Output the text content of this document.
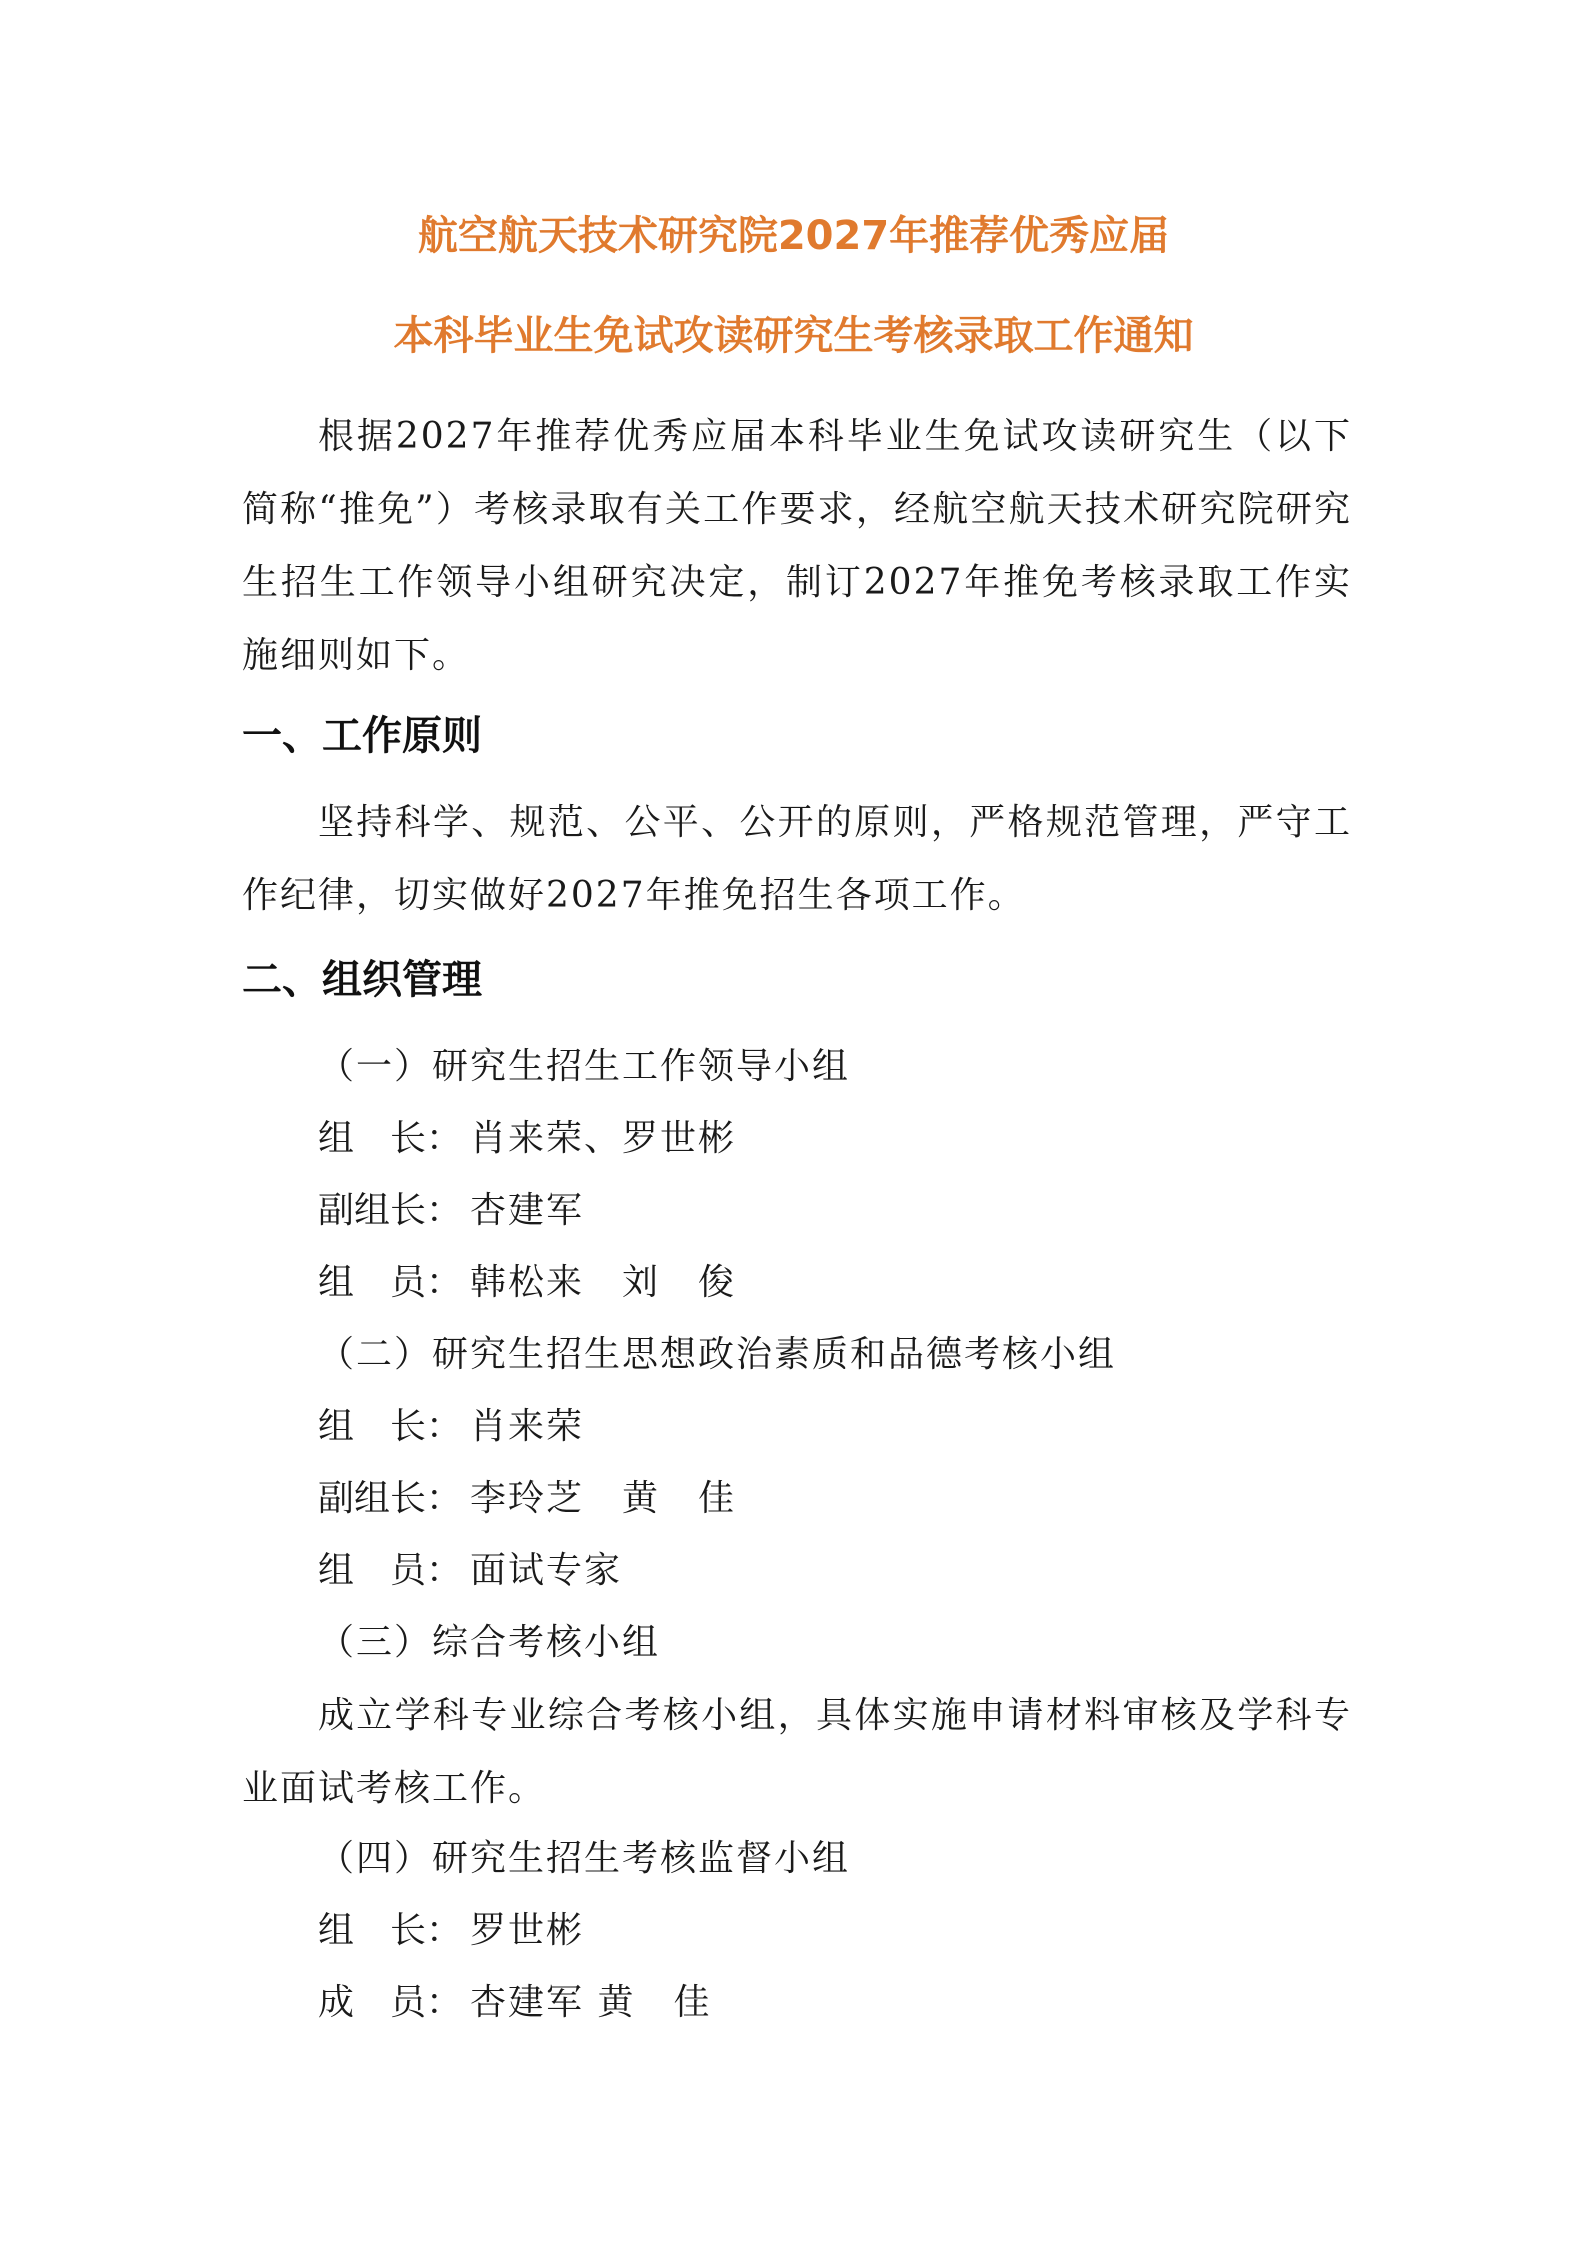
航空航天技术研究院2027年推荐优秀应届
本科毕业生免试攻读研究生考核录取工作通知
根据2027年推荐优秀应届本科毕业生免试攻读研究生（以下简称“推免”）考核录取有关工作要求，经航空航天技术研究院研究生招生工作领导小组研究决定，制订2027年推免考核录取工作实施细则如下。
一、工作原则
坚持科学、规范、公平、公开的原则，严格规范管理，严守工作纪律，切实做好2027年推免招生各项工作。
二、组织管理
（一）研究生招生工作领导小组
组　长： 肖来荣、罗世彬
副组长： 杏建军
组　员： 韩松来　刘　俊
（二）研究生招生思想政治素质和品德考核小组
组　长： 肖来荣
副组长： 李玲芝　黄　佳
组　员： 面试专家
（三）综合考核小组
成立学科专业综合考核小组，具体实施申请材料审核及学科专业面试考核工作。
（四）研究生招生考核监督小组
组　长： 罗世彬
成　员： 杏建军 黄　佳
